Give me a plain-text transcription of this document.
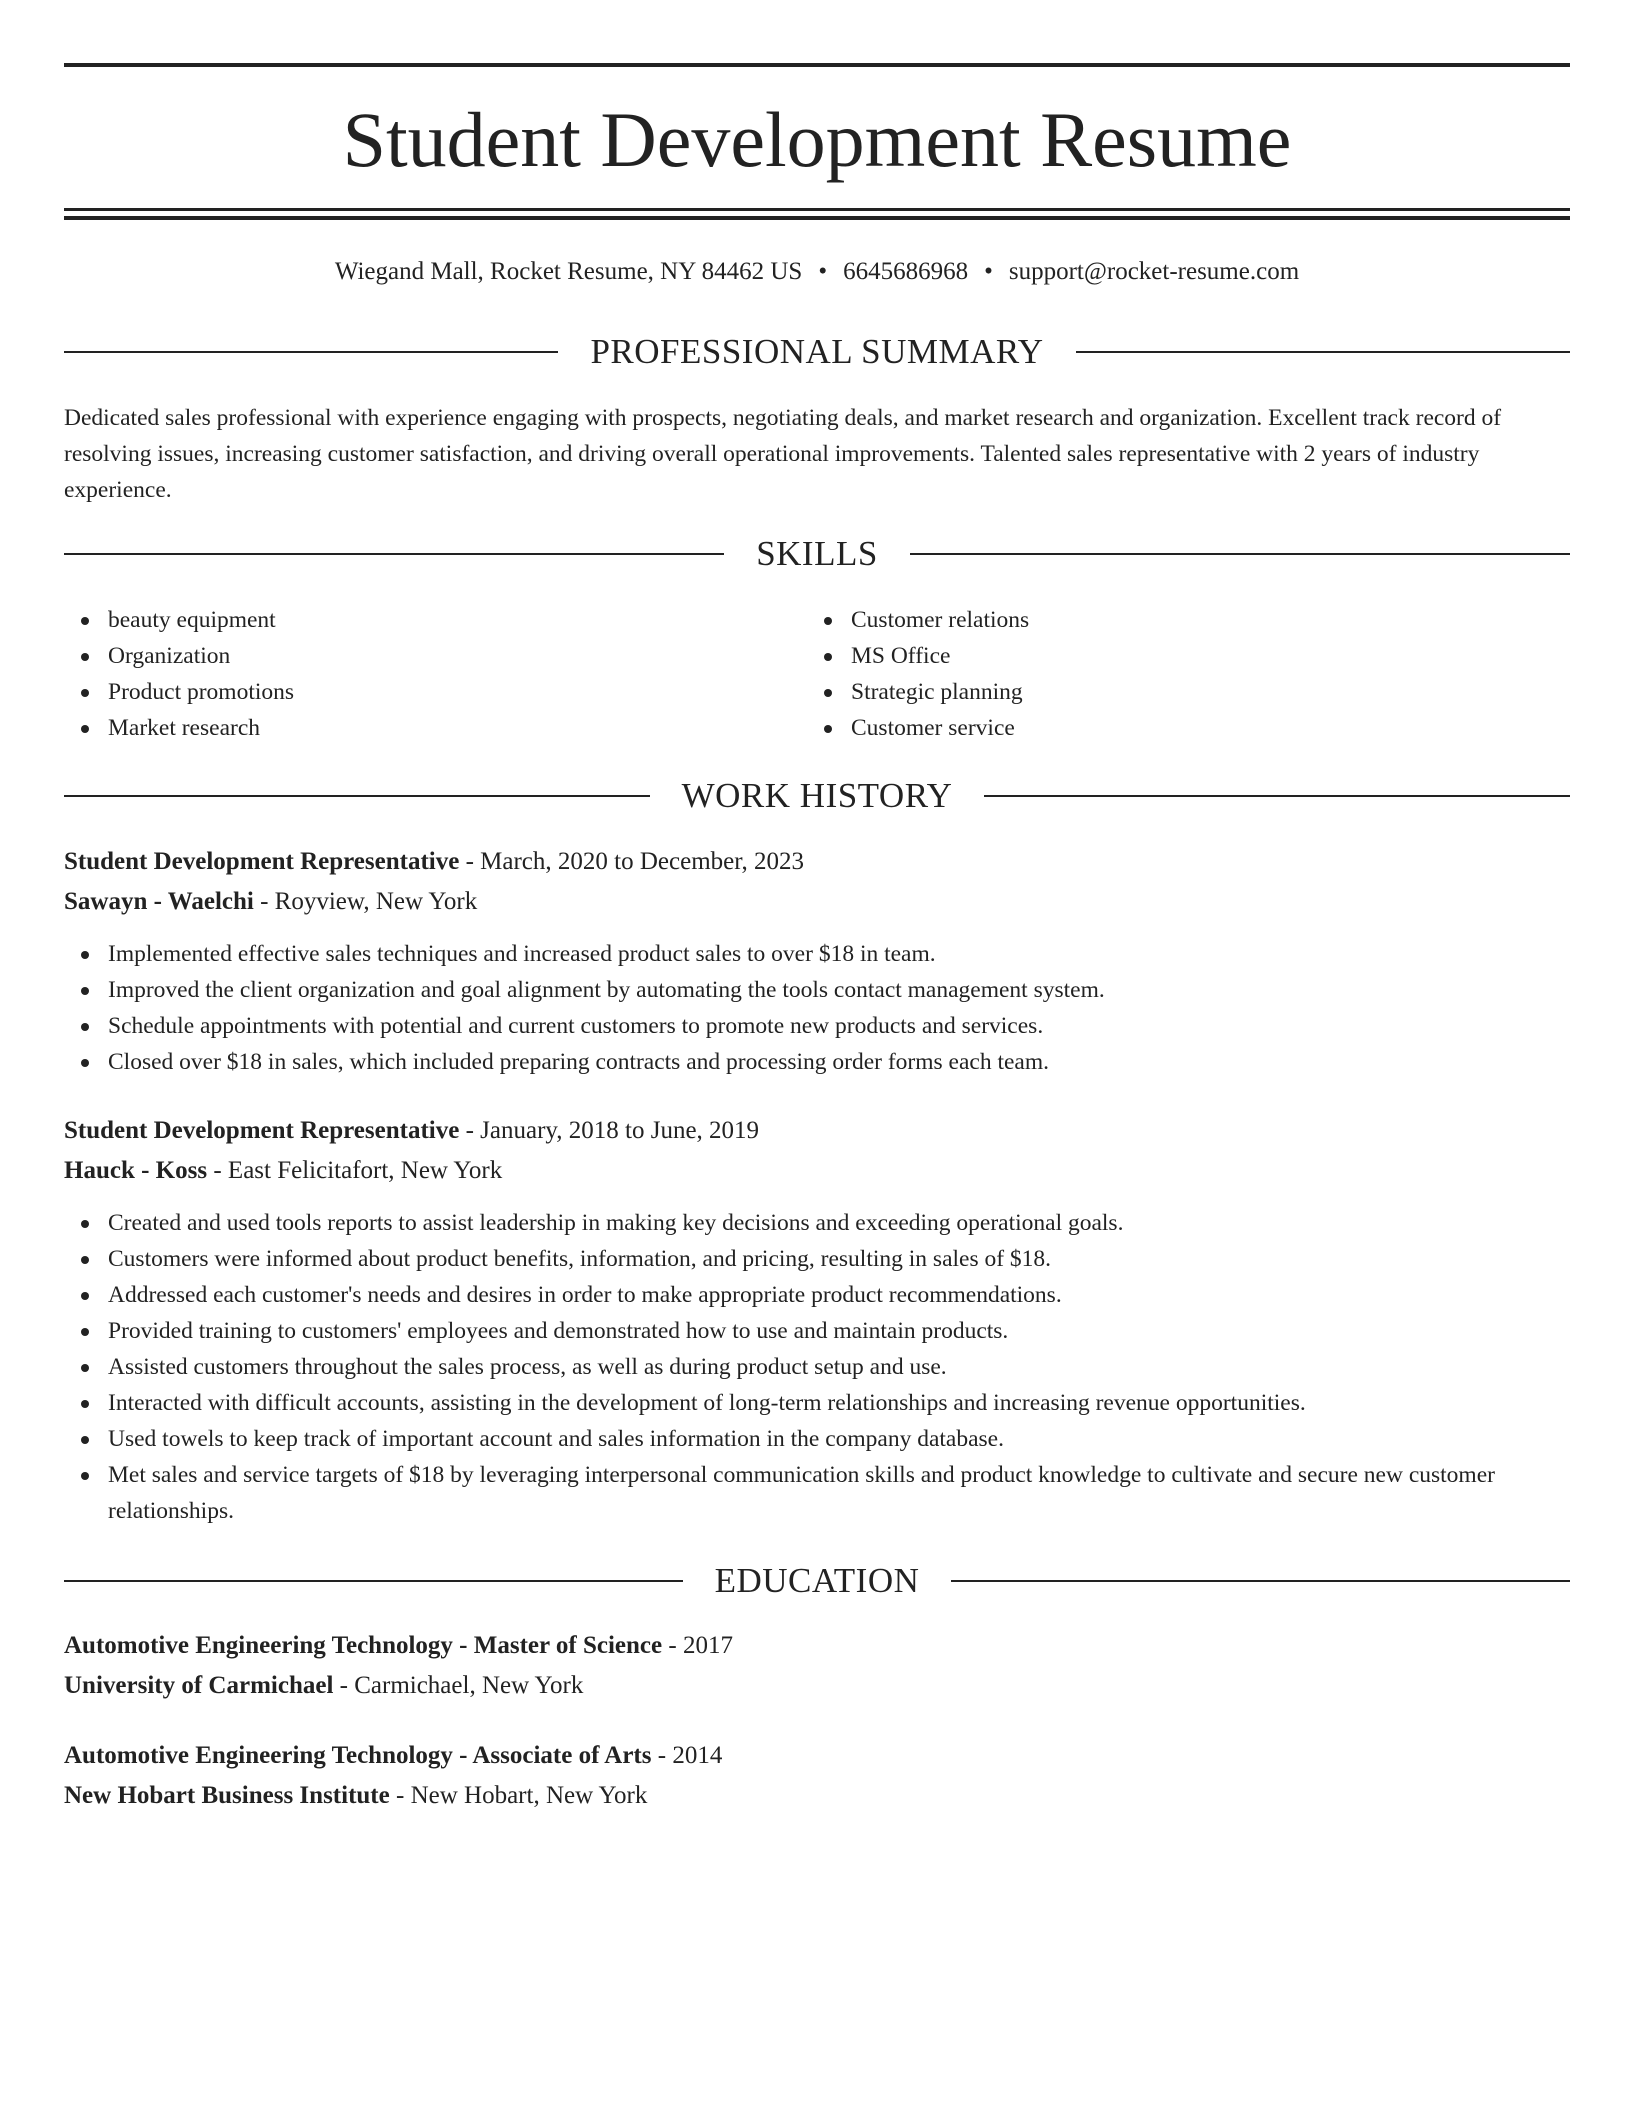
Student Development Resume
Wiegand Mall, Rocket Resume, NY 84462 US • 6645686968 • support@rocket-resume.com
PROFESSIONAL SUMMARY

Dedicated sales professional with experience engaging with prospects, negotiating deals, and market research and organization. Excellent track record of resolving issues, increasing customer satisfaction, and driving overall operational improvements. Talented sales representative with 2 years of industry experience.

SKILLS
beauty equipment
Organization
Product promotions
Market research
Customer relations
MS Office
Strategic planning
Customer service
WORK HISTORY
Student Development Representative - March, 2020 to December, 2023
Sawayn - Waelchi - Royview, New York
Implemented effective sales techniques and increased product sales to over $18 in team.
Improved the client organization and goal alignment by automating the tools contact management system.
Schedule appointments with potential and current customers to promote new products and services.
Closed over $18 in sales, which included preparing contracts and processing order forms each team.
Student Development Representative - January, 2018 to June, 2019
Hauck - Koss - East Felicitafort, New York
Created and used tools reports to assist leadership in making key decisions and exceeding operational goals.
Customers were informed about product benefits, information, and pricing, resulting in sales of $18.
Addressed each customer's needs and desires in order to make appropriate product recommendations.
Provided training to customers' employees and demonstrated how to use and maintain products.
Assisted customers throughout the sales process, as well as during product setup and use.
Interacted with difficult accounts, assisting in the development of long-term relationships and increasing revenue opportunities.
Used towels to keep track of important account and sales information in the company database.
Met sales and service targets of $18 by leveraging interpersonal communication skills and product knowledge to cultivate and secure new customer relationships.
EDUCATION
Automotive Engineering Technology - Master of Science - 2017
University of Carmichael - Carmichael, New York
Automotive Engineering Technology - Associate of Arts - 2014
New Hobart Business Institute - New Hobart, New York
